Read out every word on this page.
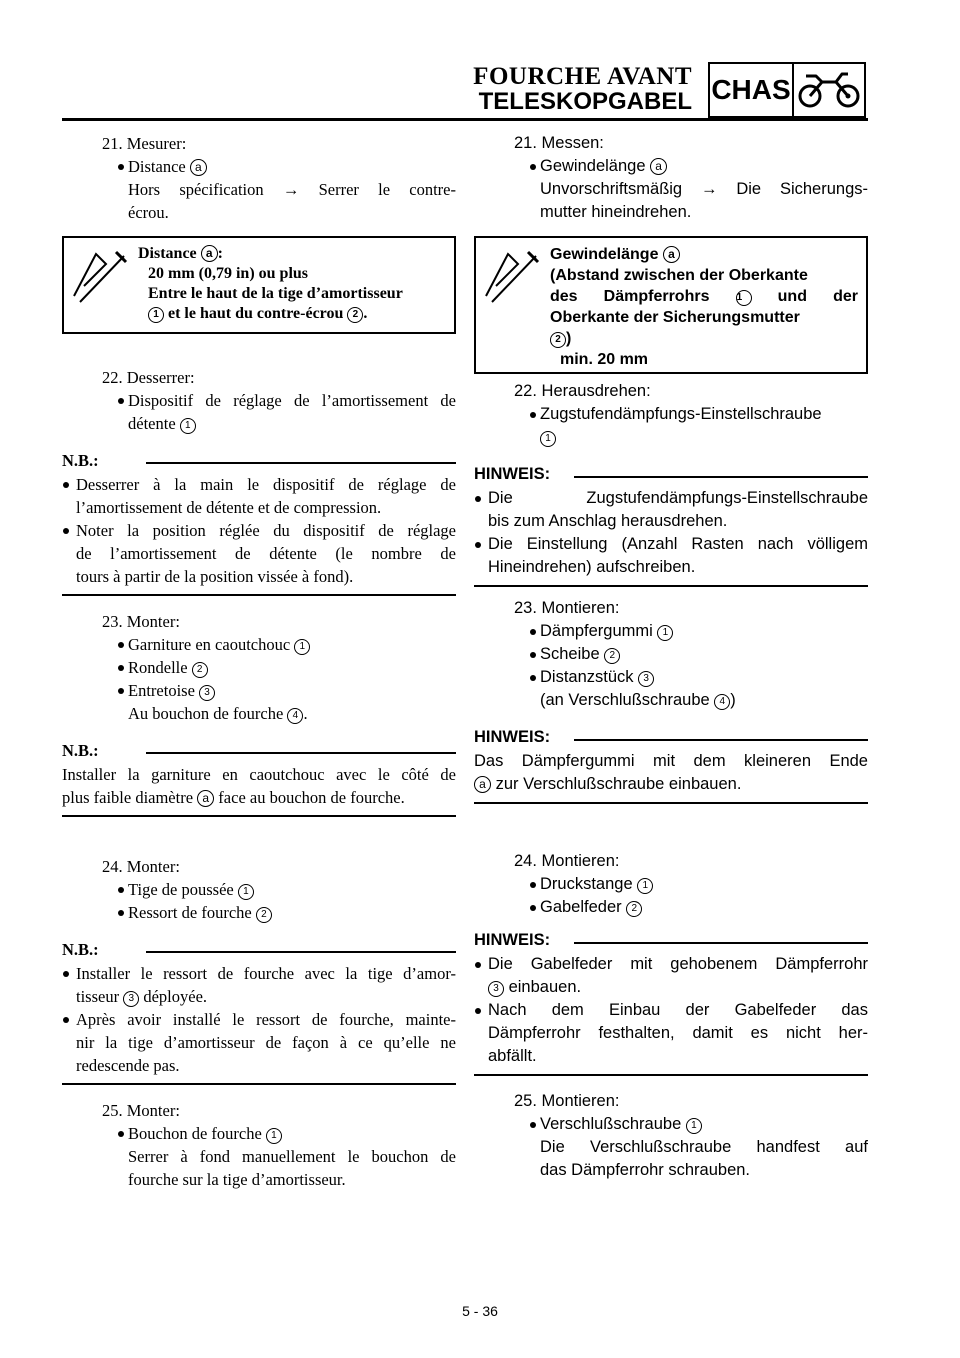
FOURCHE AVANT
TELESKOPGABEL CHAS
21. Mesurer:
Distance a
Hors spécification → Serrer le contre-
écrou.
Distance a :
20 mm (0,79 in) ou plus
Entre le haut de la tige d’amortisseur
1 et le haut du contre-écrou 2 .
22. Desserrer:
Dispositif de réglage de l’amortissement de
détente 1
N.B.:
Desserrer à la main le dispositif de réglage de
l’amortissement de détente et de compression.
Noter la position réglée du dispositif de réglage
de l’amortissement de détente (le nombre de
tours à partir de la position vissée à fond).
23. Monter:
Garniture en caoutchouc 1
Rondelle 2
Entretoise 3
Au bouchon de fourche 4 .
N.B.:
Installer la garniture en caoutchouc avec le côté de
plus faible diamètre a face au bouchon de fourche.
24. Monter:
Tige de poussée 1
Ressort de fourche 2
N.B.:
Installer le ressort de fourche avec la tige d’amor-
tisseur 3 déployée.
Après avoir installé le ressort de fourche, mainte-
nir la tige d’amortisseur de façon à ce qu’elle ne
redescende pas.
25. Monter:
Bouchon de fourche 1
Serrer à fond manuellement le bouchon de
fourche sur la tige d’amortisseur.
21. Messen:
Gewindelänge a
Unvorschriftsmäßig → Die Sicherungs-
mutter hineindrehen.
Gewindelänge a
(Abstand zwischen der Oberkante
des Dämpferrohrs	1 und der
Oberkante der Sicherungsmutter
2 )
min. 20 mm
22. Herausdrehen:
Zugstufendämpfungs-Einstellschraube
1
HINWEIS:
Die Zugstufendämpfungs-Einstellschraube
bis zum Anschlag herausdrehen.
Die Einstellung (Anzahl Rasten nach völligem
Hineindrehen) aufschreiben.
23. Montieren:
Dämpfergummi 1
Scheibe 2
Distanzstück 3
(an Verschlußschraube 4 )
HINWEIS:
Das Dämpfergummi mit dem kleineren Ende
a zur Verschlußschraube einbauen.
24. Montieren:
Druckstange 1
Gabelfeder 2
HINWEIS:
Die Gabelfeder mit gehobenem Dämpferrohr
3 einbauen.
Nach dem Einbau der Gabelfeder das
Dämpferrohr festhalten, damit es nicht her-
abfällt.
25. Montieren:
Verschlußschraube 1
Die Verschlußschraube handfest auf
das Dämpferrohr schrauben.
5 - 36
